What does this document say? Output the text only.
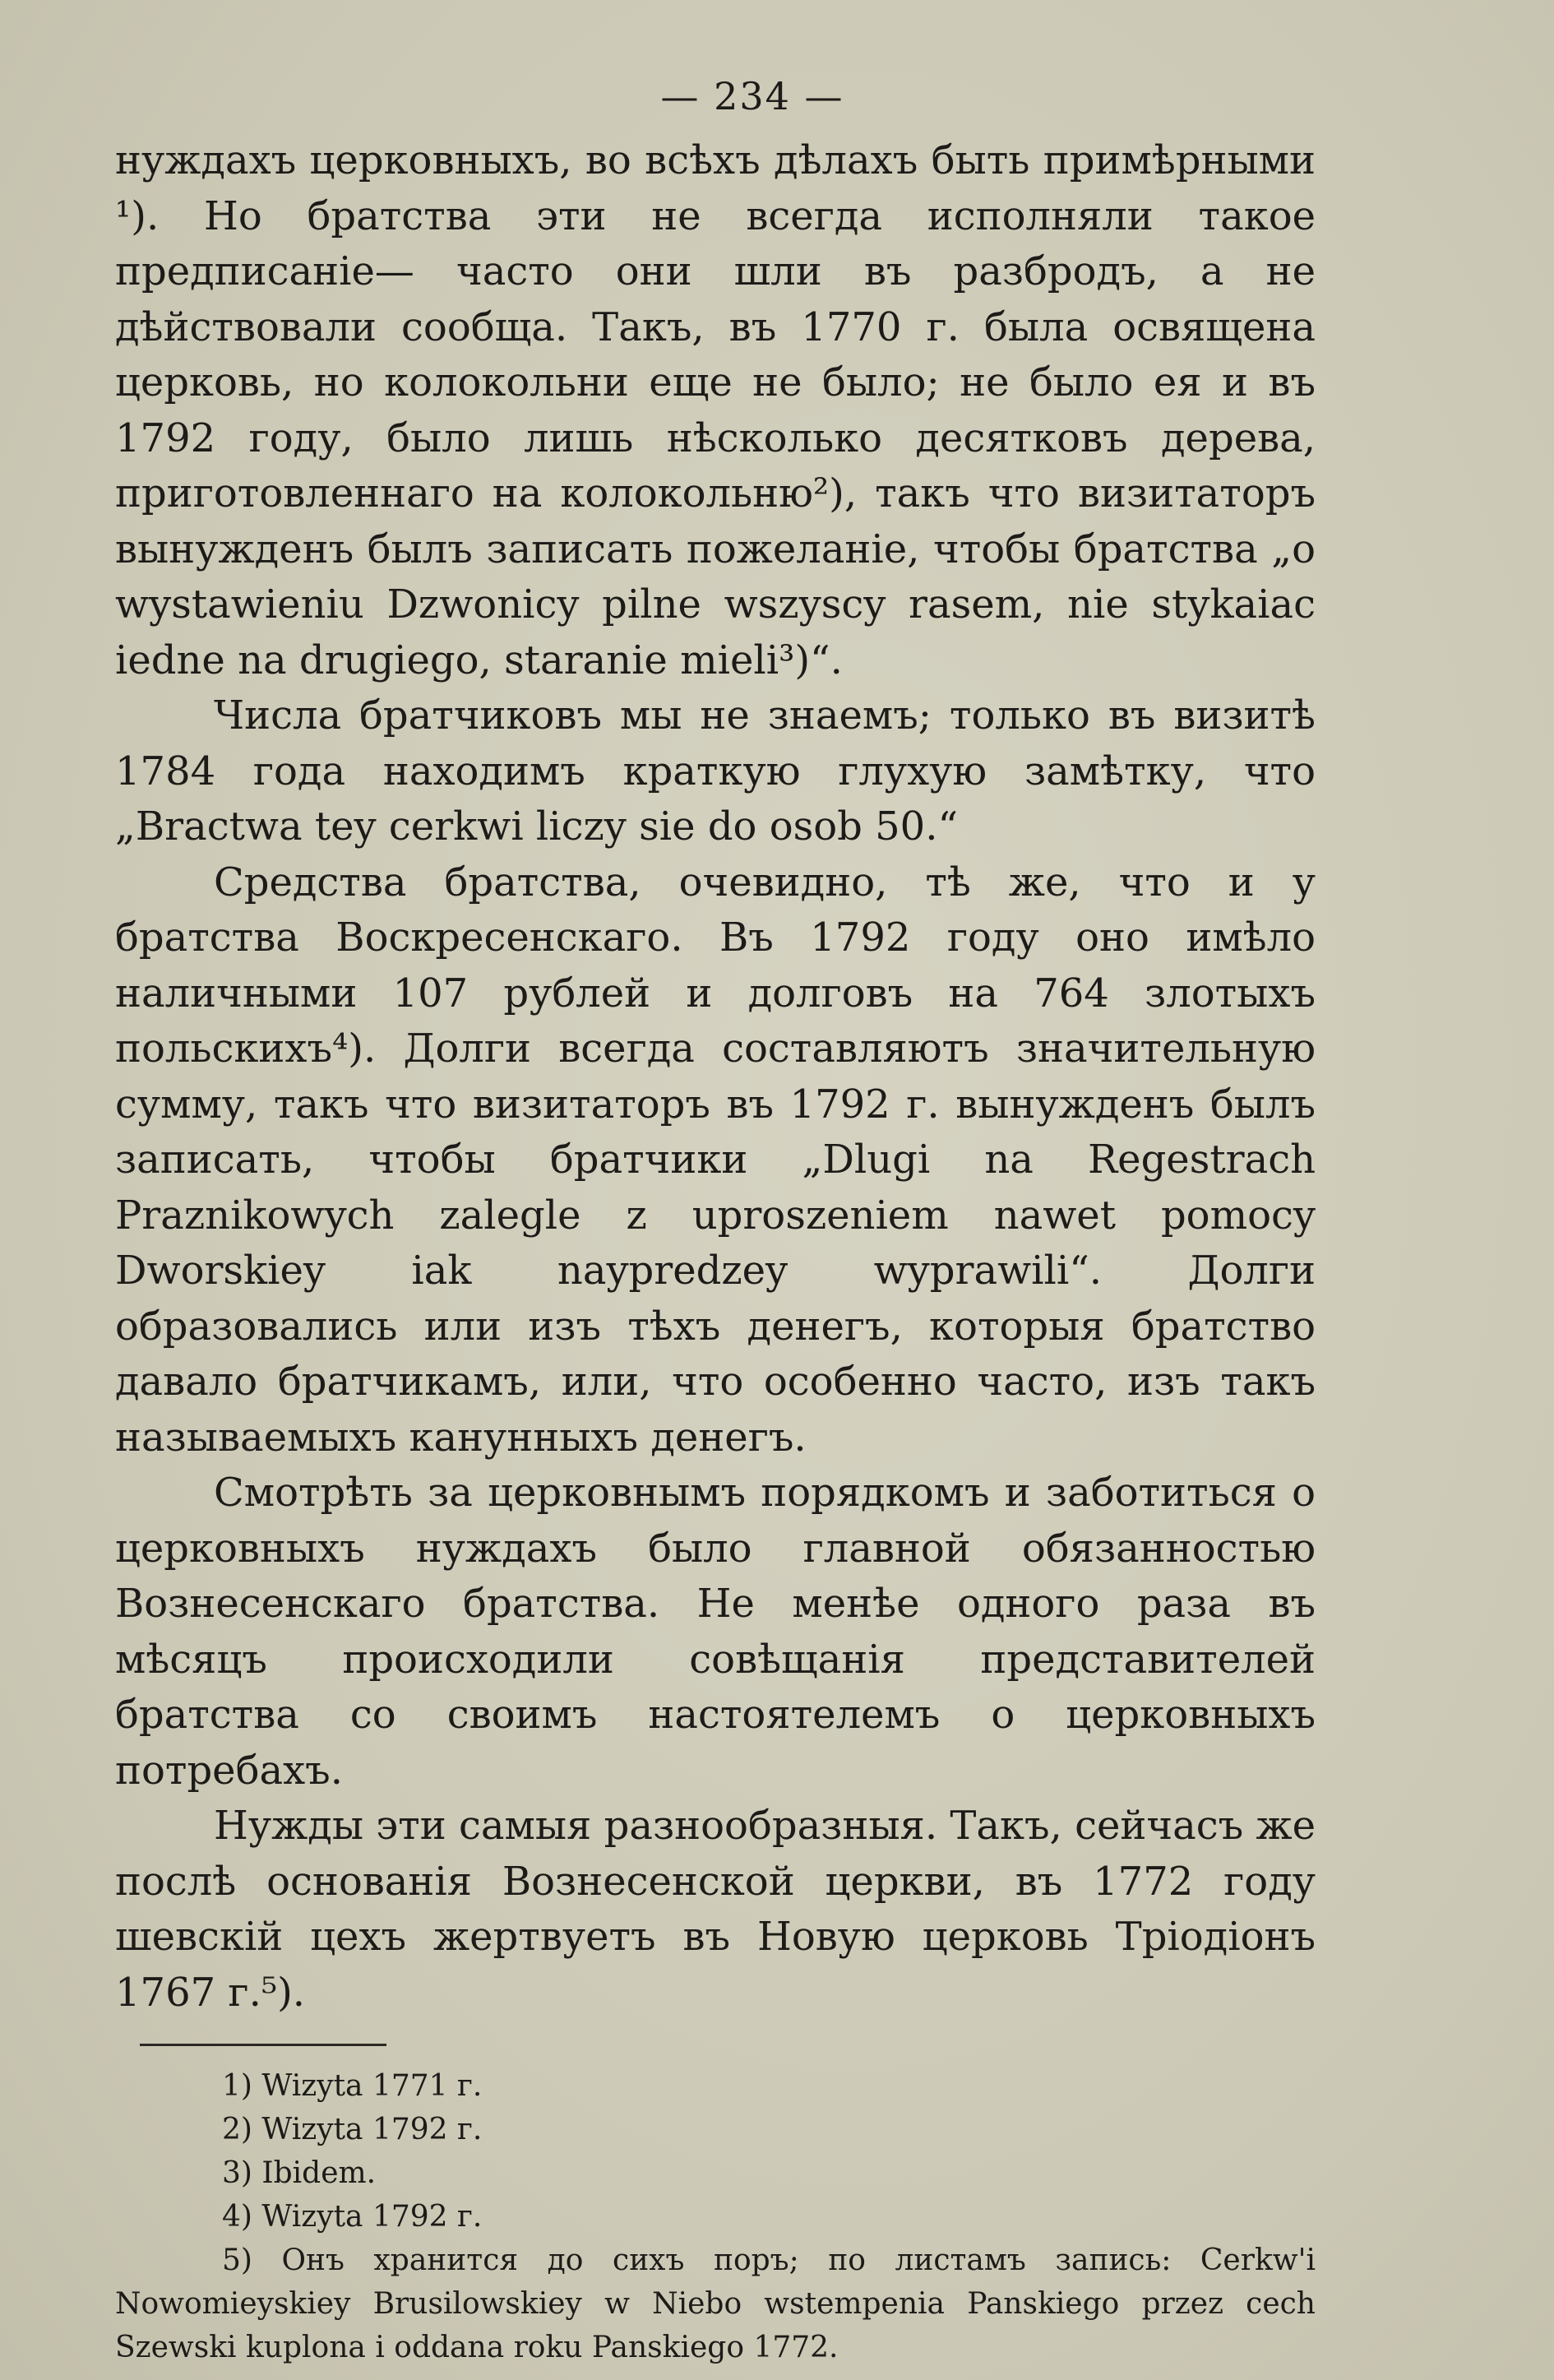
— 234 —

нуждахъ церковныхъ, во всѣхъ дѣлахъ быть примѣрными ¹). Но братства эти не всегда исполняли такое предписаніе— часто они шли въ разбродъ, а не дѣйствовали сообща. Такъ, въ 1770 г. была освящена церковь, но колокольни еще не было; не было ея и въ 1792 году, было лишь нѣсколько десятковъ дерева, приготовленнаго на колокольню²), такъ что визитаторъ вынужденъ былъ записать пожеланіе, чтобы братства „o wystawieniu Dzwonicy pilne wszyscy rasem, nie stykaiac iedne na drugiego, staranie mieli³)“.

Числа братчиковъ мы не знаемъ; только въ визитѣ 1784 года находимъ краткую глухую замѣтку, что „Bractwa tey cerkwi liczy sie do osob 50.“

Средства братства, очевидно, тѣ же, что и у братства Воскресенскаго. Въ 1792 году оно имѣло наличными 107 рублей и долговъ на 764 злотыхъ польскихъ⁴). Долги всегда составляютъ значительную сумму, такъ что визитаторъ въ 1792 г. вынужденъ былъ записать, чтобы братчики „Dlugi na Regestrach Praznikowych zalegle z uproszeniem nawet pomocy Dworskiey iak naypredzey wyprawili“. Долги образовались или изъ тѣхъ денегъ, которыя братство давало братчикамъ, или, что особенно часто, изъ такъ называемыхъ канунныхъ денегъ.

Смотрѣть за церковнымъ порядкомъ и заботиться о церковныхъ нуждахъ было главной обязанностью Вознесенскаго братства. Не менѣе одного раза въ мѣсяцъ происходили совѣщанія представителей братства со своимъ настоятелемъ о церковныхъ потребахъ.

Нужды эти самыя разнообразныя. Такъ, сейчасъ же послѣ основанія Вознесенской церкви, въ 1772 году шевскій цехъ жертвуетъ въ Новую церковь Тріодіонъ 1767 г.⁵).

1) Wizyta 1771 г.
2) Wizyta 1792 г.
3) Ibidem.
4) Wizyta 1792 г.
5) Онъ хранится до сихъ поръ; по листамъ запись: Cerkw'i Nowomieyskiey Brusilowskiey w Niebo wstempenia Panskiego przez cech Szewski kuplona i oddana roku Panskiego 1772.
